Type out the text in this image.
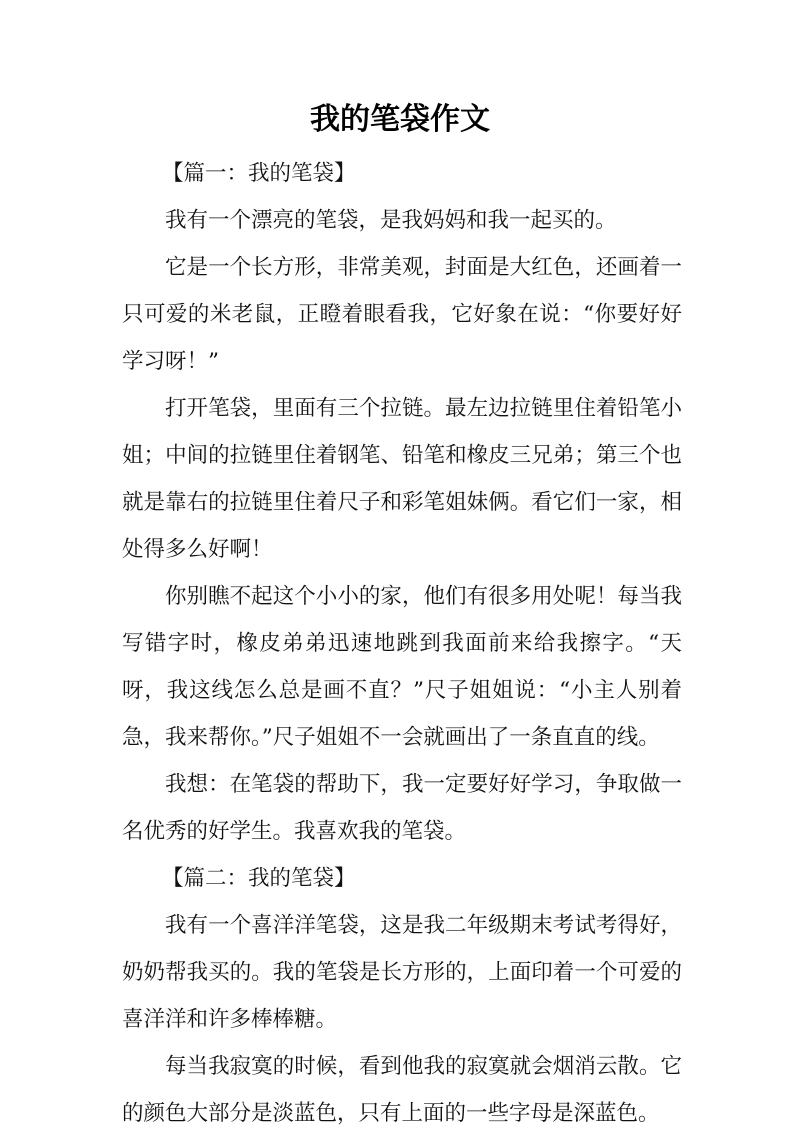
我的笔袋作文

【篇一：我的笔袋】

我有一个漂亮的笔袋，是我妈妈和我一起买的。

它是一个长方形，非常美观，封面是大红色，还画着一只可爱的米老鼠，正瞪着眼看我，它好象在说：“你要好好学习呀！”

打开笔袋，里面有三个拉链。最左边拉链里住着铅笔小姐；中间的拉链里住着钢笔、铅笔和橡皮三兄弟；第三个也就是靠右的拉链里住着尺子和彩笔姐妹俩。看它们一家，相处得多么好啊！

你别瞧不起这个小小的家，他们有很多用处呢！每当我写错字时，橡皮弟弟迅速地跳到我面前来给我擦字。“天呀，我这线怎么总是画不直？”尺子姐姐说：“小主人别着急，我来帮你。”尺子姐姐不一会就画出了一条直直的线。

我想：在笔袋的帮助下，我一定要好好学习，争取做一名优秀的好学生。我喜欢我的笔袋。

【篇二：我的笔袋】

我有一个喜洋洋笔袋，这是我二年级期末考试考得好，奶奶帮我买的。我的笔袋是长方形的，上面印着一个可爱的喜洋洋和许多棒棒糖。

每当我寂寞的时候，看到他我的寂寞就会烟消云散。它的颜色大部分是淡蓝色，只有上面的一些字母是深蓝色。
